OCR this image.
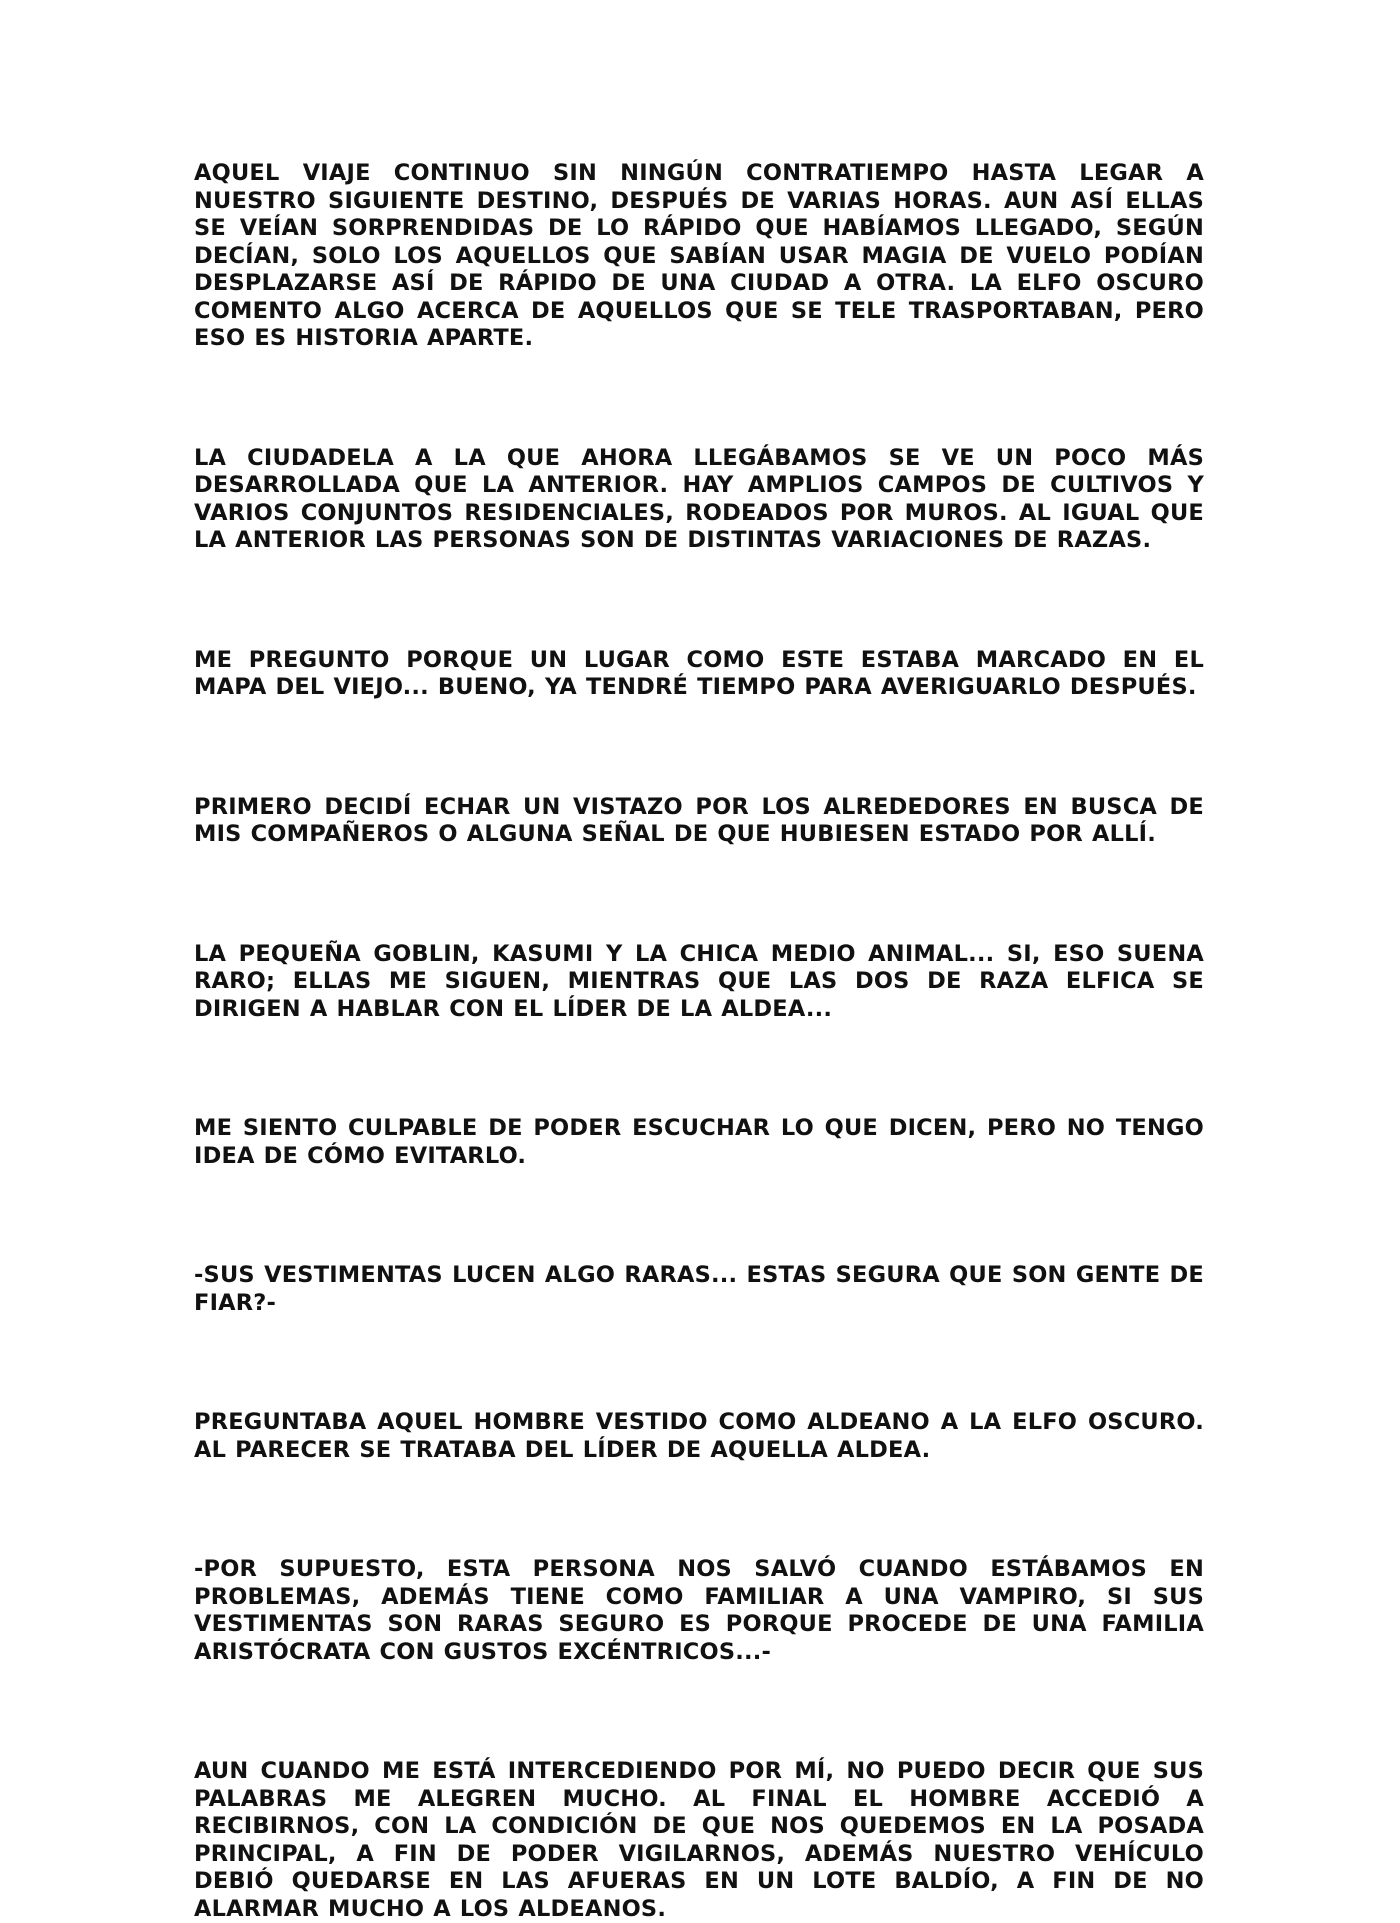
AQUEL VIAJE CONTINUO SIN NINGÚN CONTRATIEMPO HASTA LEGAR A NUESTRO SIGUIENTE DESTINO, DESPUÉS DE VARIAS HORAS. AUN ASÍ ELLAS SE VEÍAN SORPRENDIDAS DE LO RÁPIDO QUE HABÍAMOS LLEGADO, SEGÚN DECÍAN, SOLO LOS AQUELLOS QUE SABÍAN USAR MAGIA DE VUELO PODÍAN DESPLAZARSE ASÍ DE RÁPIDO DE UNA CIUDAD A OTRA. LA ELFO OSCURO COMENTO ALGO ACERCA DE AQUELLOS QUE SE TELE TRASPORTABAN, PERO ESO ES HISTORIA APARTE.

LA CIUDADELA A LA QUE AHORA LLEGÁBAMOS SE VE UN POCO MÁS DESARROLLADA QUE LA ANTERIOR. HAY AMPLIOS CAMPOS DE CULTIVOS Y VARIOS CONJUNTOS RESIDENCIALES, RODEADOS POR MUROS. AL IGUAL QUE LA ANTERIOR LAS PERSONAS SON DE DISTINTAS VARIACIONES DE RAZAS.

ME PREGUNTO PORQUE UN LUGAR COMO ESTE ESTABA MARCADO EN EL MAPA DEL VIEJO... BUENO, YA TENDRÉ TIEMPO PARA AVERIGUARLO DESPUÉS.

PRIMERO DECIDÍ ECHAR UN VISTAZO POR LOS ALREDEDORES EN BUSCA DE MIS COMPAÑEROS O ALGUNA SEÑAL DE QUE HUBIESEN ESTADO POR ALLÍ.

LA PEQUEÑA GOBLIN, KASUMI Y LA CHICA MEDIO ANIMAL... SI, ESO SUENA RARO; ELLAS ME SIGUEN, MIENTRAS QUE LAS DOS DE RAZA ELFICA SE DIRIGEN A HABLAR CON EL LÍDER DE LA ALDEA...

ME SIENTO CULPABLE DE PODER ESCUCHAR LO QUE DICEN, PERO NO TENGO IDEA DE CÓMO EVITARLO.

-SUS VESTIMENTAS LUCEN ALGO RARAS... ESTAS SEGURA QUE SON GENTE DE FIAR?-

PREGUNTABA AQUEL HOMBRE VESTIDO COMO ALDEANO A LA ELFO OSCURO. AL PARECER SE TRATABA DEL LÍDER DE AQUELLA ALDEA.

-POR SUPUESTO, ESTA PERSONA NOS SALVÓ CUANDO ESTÁBAMOS EN PROBLEMAS, ADEMÁS TIENE COMO FAMILIAR A UNA VAMPIRO, SI SUS VESTIMENTAS SON RARAS SEGURO ES PORQUE PROCEDE DE UNA FAMILIA ARISTÓCRATA CON GUSTOS EXCÉNTRICOS...-

AUN CUANDO ME ESTÁ INTERCEDIENDO POR MÍ, NO PUEDO DECIR QUE SUS PALABRAS ME ALEGREN MUCHO. AL FINAL EL HOMBRE ACCEDIÓ A RECIBIRNOS, CON LA CONDICIÓN DE QUE NOS QUEDEMOS EN LA POSADA PRINCIPAL, A FIN DE PODER VIGILARNOS, ADEMÁS NUESTRO VEHÍCULO DEBIÓ QUEDARSE EN LAS AFUERAS EN UN LOTE BALDÍO, A FIN DE NO ALARMAR MUCHO A LOS ALDEANOS.
